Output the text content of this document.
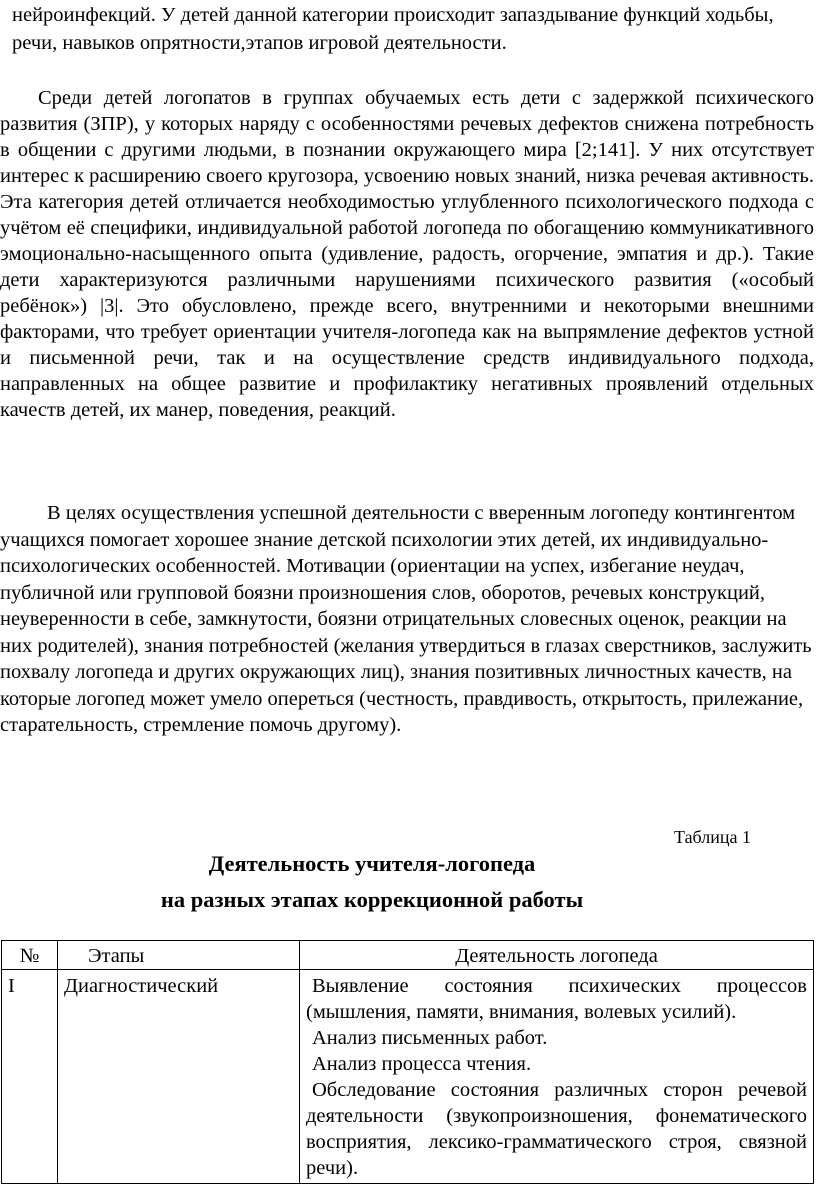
нейроинфекций. У детей данной категории происходит запаздывание функций ходьбы, речи, навыков опрятности,этапов игровой деятельности.

Среди детей логопатов в группах обучаемых есть дети с задержкой психического развития (ЗПР), у которых наряду с особенностями речевых дефектов снижена потребность в общении с другими людьми, в познании окружающего мира [2;141]. У них отсутствует интерес к расширению своего кругозора, усвоению новых знаний, низка речевая активность. Эта категория детей отличается необходимостью углубленного психологического подхода с учётом её специфики, индивидуальной работой логопеда по обогащению коммуникативного эмоционально-насыщенного опыта (удивление, радость, огорчение, эмпатия и др.). Такие дети характеризуются различными нарушениями психического развития («особый ребёнок») |3|. Это обусловлено, прежде всего, внутренними и некоторыми внешними факторами, что требует ориентации учителя-логопеда как на выпрямление дефектов устной и письменной речи, так и на осуществление средств индивидуального подхода, направленных на общее развитие и профилактику негативных проявлений отдельных качеств детей, их манер, поведения, реакций.

В целях осуществления успешной деятельности с вверенным логопеду контингентом учащихся помогает хорошее знание детской психологии этих детей, их индивидуально-психологических особенностей. Мотивации (ориентации на успех, избегание неудач, публичной или групповой боязни произношения слов, оборотов, речевых конструкций, неуверенности в себе, замкнутости, боязни отрицательных словесных оценок, реакции на них родителей), знания потребностей (желания утвердиться в глазах сверстников, заслужить похвалу логопеда и других окружающих лиц), знания позитивных личностных качеств, на которые логопед может умело опереться (честность, правдивость, открытость, прилежание, старательность, стремление помочь другому).

Таблица 1
Деятельность учителя-логопеда
на разных этапах коррекционной работы
№	Этапы	Деятельность логопеда
I	Диагностический	Выявление состояния психических процессов (мышления, памяти, внимания, волевых усилий).
Анализ письменных работ.
Анализ процесса чтения.
Обследование состояния различных сторон речевой деятельности (звукопроизношения, фонематического восприятия, лексико-грамматического строя, связной речи).
